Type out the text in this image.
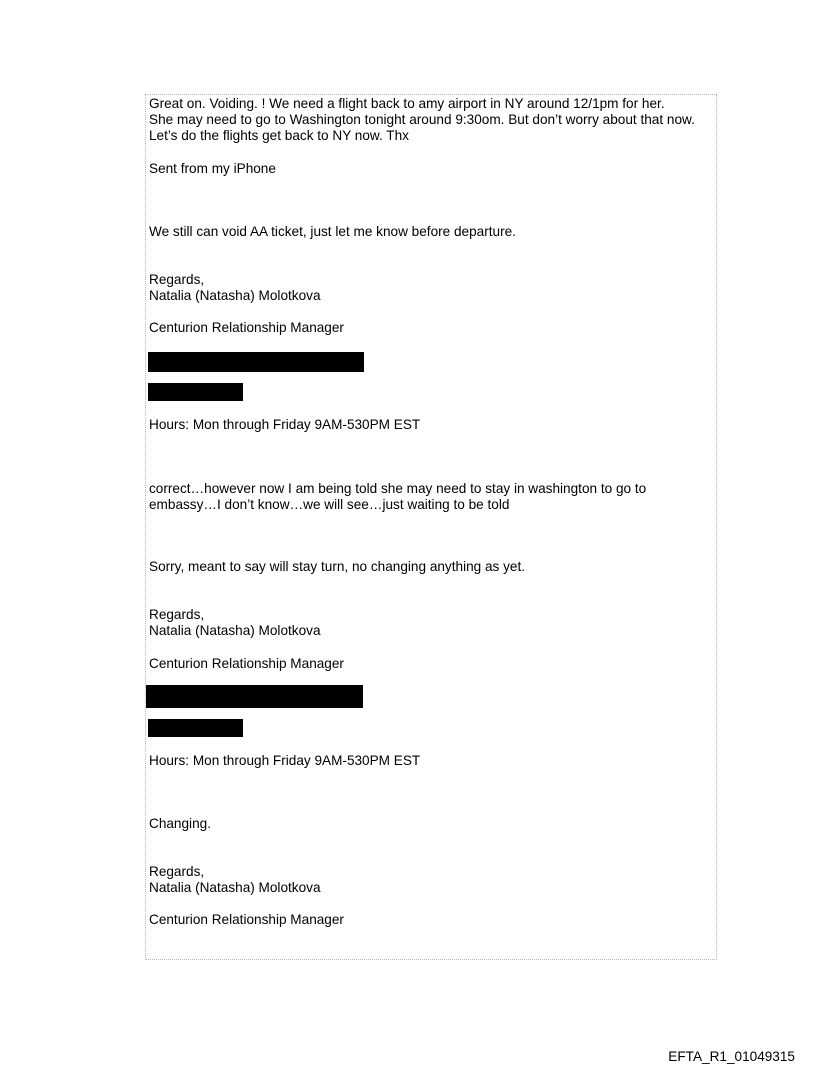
Great on. Voiding. ! We need a flight back to amy airport in NY around 12/1pm for her.
She may need to go to Washington tonight around 9:30om. But don’t worry about that now.
Let’s do the flights get back to NY now. Thx
Sent from my iPhone
We still can void AA ticket, just let me know before departure.
Regards,
Natalia (Natasha) Molotkova
Centurion Relationship Manager
Hours: Mon through Friday 9AM-530PM EST
correct…however now I am being told she may need to stay in washington to go to
embassy…I don’t know…we will see…just waiting to be told
Sorry, meant to say will stay turn, no changing anything as yet.
Regards,
Natalia (Natasha) Molotkova
Centurion Relationship Manager
Hours: Mon through Friday 9AM-530PM EST
Changing.
Regards,
Natalia (Natasha) Molotkova
Centurion Relationship Manager
EFTA_R1_01049315
